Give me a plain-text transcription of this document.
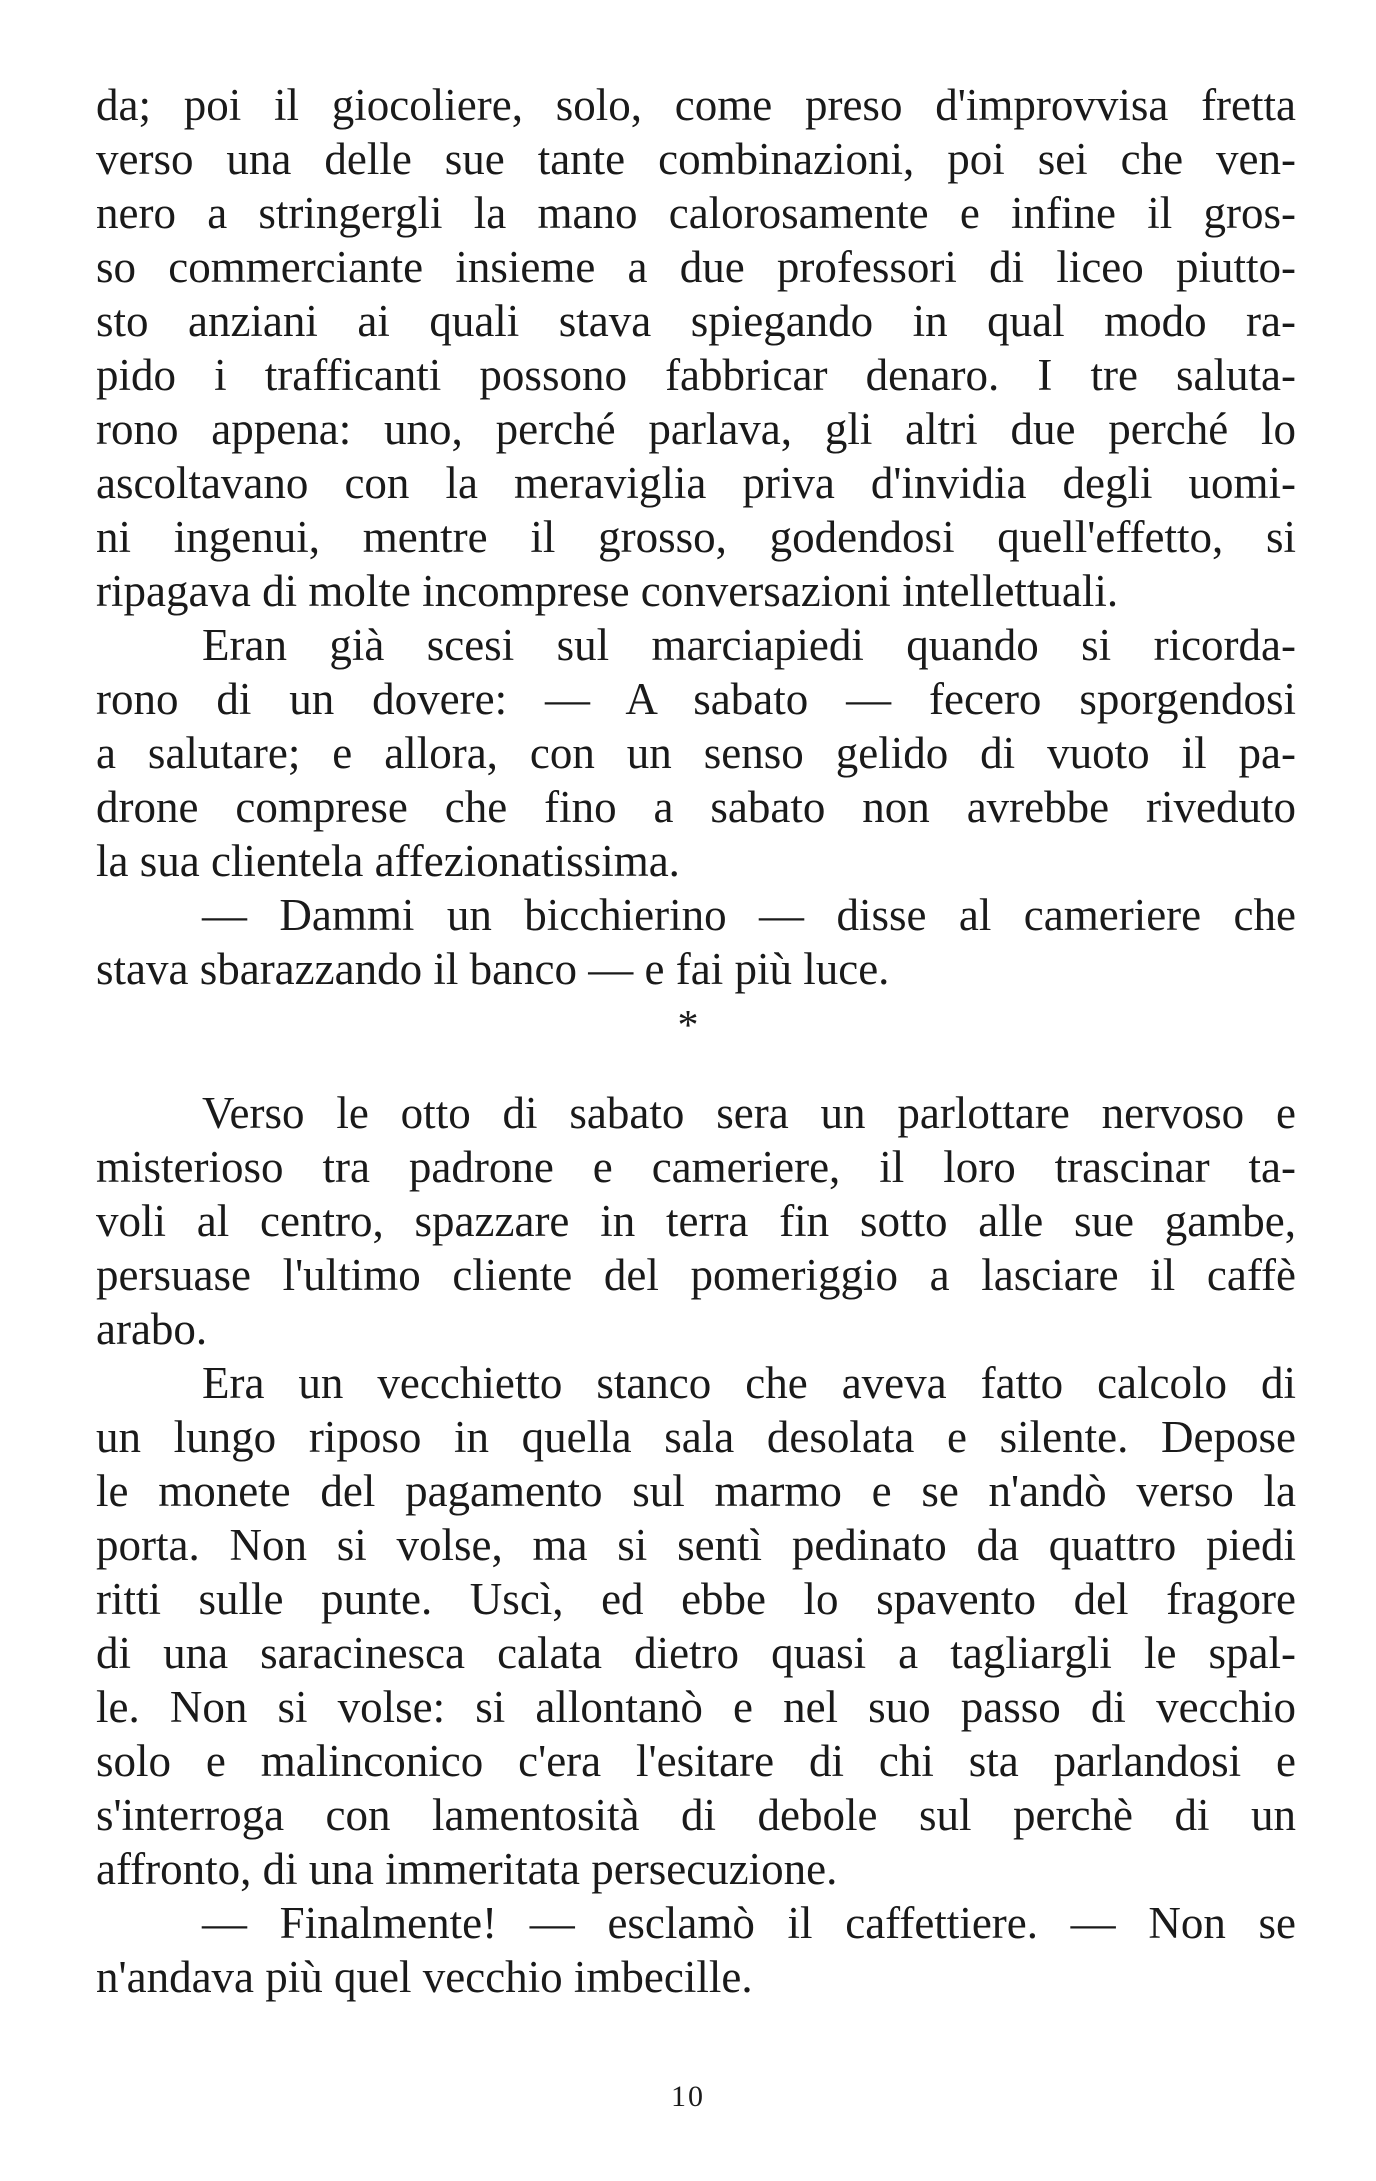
da; poi il giocoliere, solo, come preso d'improvvisa fretta
verso una delle sue tante combinazioni, poi sei che ven-
nero a stringergli la mano calorosamente e infine il gros-
so commerciante insieme a due professori di liceo piutto-
sto anziani ai quali stava spiegando in qual modo ra-
pido i trafficanti possono fabbricar denaro. I tre saluta-
rono appena: uno, perché parlava, gli altri due perché lo
ascoltavano con la meraviglia priva d'invidia degli uomi-
ni ingenui, mentre il grosso, godendosi quell'effetto, si
ripagava di molte incomprese conversazioni intellettuali.
Eran già scesi sul marciapiedi quando si ricorda-
rono di un dovere: — A sabato — fecero sporgendosi
a salutare; e allora, con un senso gelido di vuoto il pa-
drone comprese che fino a sabato non avrebbe riveduto
la sua clientela affezionatissima.
— Dammi un bicchierino — disse al cameriere che
stava sbarazzando il banco — e fai più luce.
*
Verso le otto di sabato sera un parlottare nervoso e
misterioso tra padrone e cameriere, il loro trascinar ta-
voli al centro, spazzare in terra fin sotto alle sue gambe,
persuase l'ultimo cliente del pomeriggio a lasciare il caffè
arabo.
Era un vecchietto stanco che aveva fatto calcolo di
un lungo riposo in quella sala desolata e silente. Depose
le monete del pagamento sul marmo e se n'andò verso la
porta. Non si volse, ma si sentì pedinato da quattro piedi
ritti sulle punte. Uscì, ed ebbe lo spavento del fragore
di una saracinesca calata dietro quasi a tagliargli le spal-
le. Non si volse: si allontanò e nel suo passo di vecchio
solo e malinconico c'era l'esitare di chi sta parlandosi e
s'interroga con lamentosità di debole sul perchè di un
affronto, di una immeritata persecuzione.
— Finalmente! — esclamò il caffettiere. — Non se
n'andava più quel vecchio imbecille.
10
